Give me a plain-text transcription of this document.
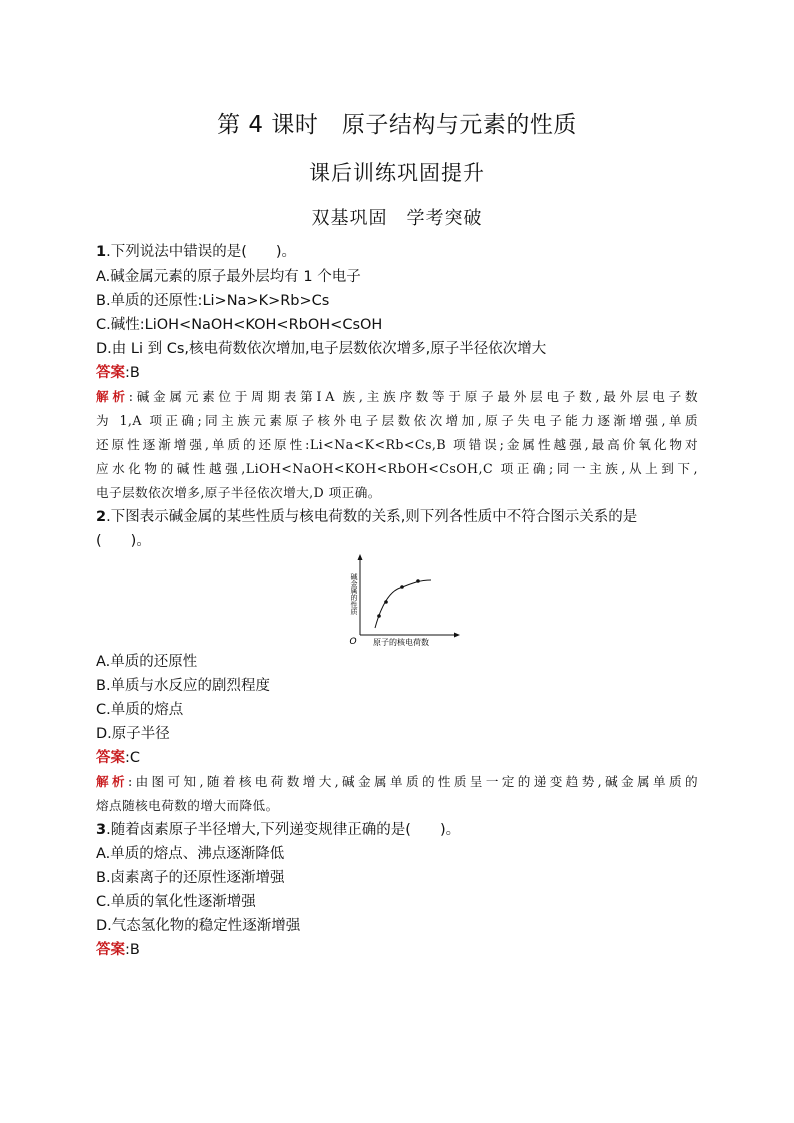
第 4 课时　原子结构与元素的性质
课后训练巩固提升
双基巩固　学考突破
1.下列说法中错误的是(　　)。
A.碱金属元素的原子最外层均有 1 个电子
B.单质的还原性:Li>Na>K>Rb>Cs
C.碱性:LiOH<NaOH<KOH<RbOH<CsOH
D.由 Li 到 Cs,核电荷数依次增加,电子层数依次增多,原子半径依次增大
答案:B
解析:碱金属元素位于周期表第ⅠA 族,主族序数等于原子最外层电子数,最外层电子数
为 1,A 项正确;同主族元素原子核外电子层数依次增加,原子失电子能力逐渐增强,单质
还原性逐渐增强,单质的还原性:Li<Na<K<Rb<Cs,B 项错误;金属性越强,最高价氧化物对
应水化物的碱性越强,LiOH<NaOH<KOH<RbOH<CsOH,C 项正确;同一主族,从上到下,
电子层数依次增多,原子半径依次增大,D 项正确。
2.下图表示碱金属的某些性质与核电荷数的关系,则下列各性质中不符合图示关系的是
(　　)。
碱金属的性质
O 原子的核电荷数
A.单质的还原性
B.单质与水反应的剧烈程度
C.单质的熔点
D.原子半径
答案:C
解析:由图可知,随着核电荷数增大,碱金属单质的性质呈一定的递变趋势,碱金属单质的
熔点随核电荷数的增大而降低。
3.随着卤素原子半径增大,下列递变规律正确的是(　　)。
A.单质的熔点、沸点逐渐降低
B.卤素离子的还原性逐渐增强
C.单质的氧化性逐渐增强
D.气态氢化物的稳定性逐渐增强
答案:B
